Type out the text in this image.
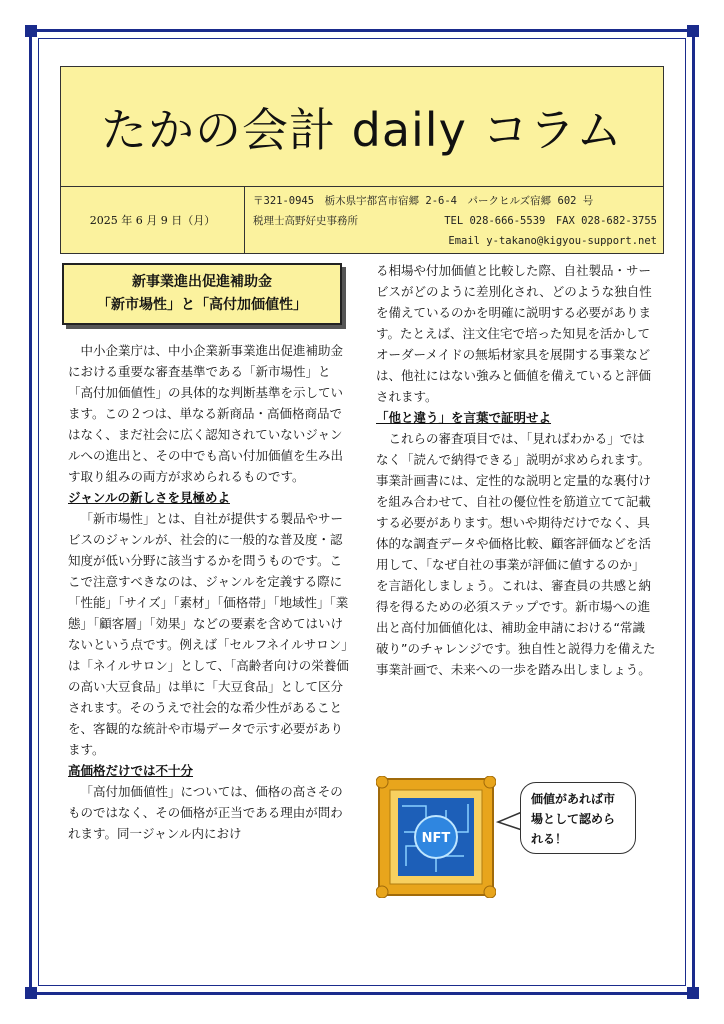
たかの会計 daily コラム
2025 年 6 月 9 日（月）
〒321-0945　栃木県宇都宮市宿郷 2-6-4　パークヒルズ宿郷 602 号
税理士高野好史事務所	TEL 028-666-5539　FAX 028-682-3755
Email y-takano@kigyou-support.net
新事業進出促進補助金
「新市場性」と「高付加価値性」

中小企業庁は、中小企業新事業進出促進補助金における重要な審査基準である「新市場性」と「高付加価値性」の具体的な判断基準を示しています。この２つは、単なる新商品・高価格商品ではなく、まだ社会に広く認知されていないジャンルへの進出と、その中でも高い付加価値を生み出す取り組みの両方が求められるものです。

ジャンルの新しさを見極めよ

「新市場性」とは、自社が提供する製品やサービスのジャンルが、社会的に一般的な普及度・認知度が低い分野に該当するかを問うものです。ここで注意すべきなのは、ジャンルを定義する際に「性能」「サイズ」「素材」「価格帯」「地域性」「業態」「顧客層」「効果」などの要素を含めてはいけないという点です。例えば「セルフネイルサロン」は「ネイルサロン」として、「高齢者向けの栄養価の高い大豆食品」は単に「大豆食品」として区分されます。そのうえで社会的な希少性があることを、客観的な統計や市場データで示す必要があります。

高価格だけでは不十分

「高付加価値性」については、価格の高さそのものではなく、その価格が正当である理由が問われます。同一ジャンル内におけ

る相場や付加価値と比較した際、自社製品・サービスがどのように差別化され、どのような独自性を備えているのかを明確に説明する必要があります。たとえば、注文住宅で培った知見を活かしてオーダーメイドの無垢材家具を展開する事業などは、他社にはない強みと価値を備えていると評価されます。

「他と違う」を言葉で証明せよ

これらの審査項目では、「見ればわかる」ではなく「読んで納得できる」説明が求められます。事業計画書には、定性的な説明と定量的な裏付けを組み合わせて、自社の優位性を筋道立てて記載する必要があります。想いや期待だけでなく、具体的な調査データや価格比較、顧客評価などを活用して、「なぜ自社の事業が評価に値するのか」を言語化しましょう。これは、審査員の共感と納得を得るための必須ステップです。新市場への進出と高付加価値化は、補助金申請における“常識破り”のチャレンジです。独自性と説得力を備えた事業計画で、未来への一歩を踏み出しましょう。

NFT
価値があれば市場として認められる！
